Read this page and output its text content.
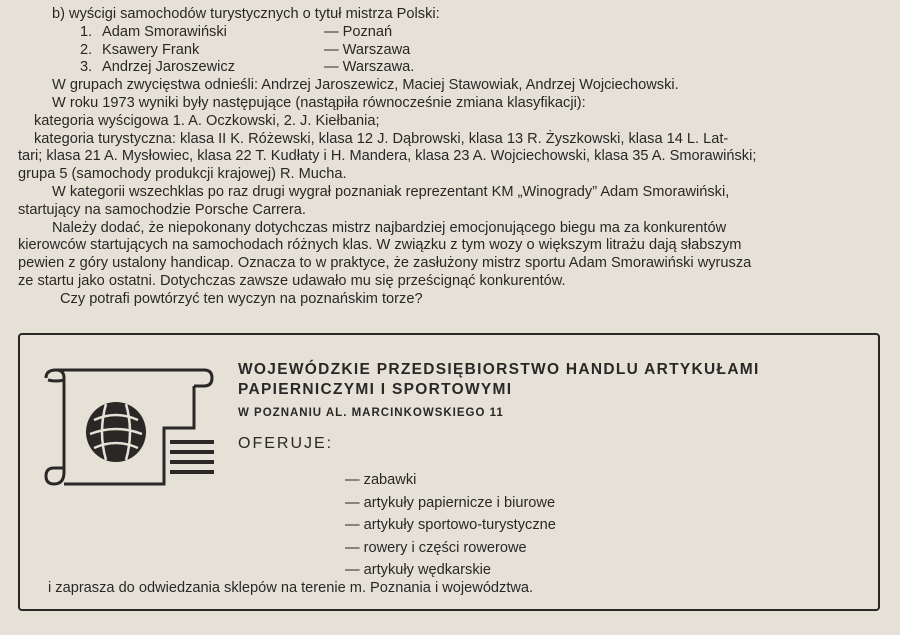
b) wyścigi samochodów turystycznych o tytuł mistrza Polski:
1. Adam Smorawiński	— Poznań
2. Ksawery Frank	— Warszawa
3. Andrzej Jaroszewicz	— Warszawa.
W grupach zwycięstwa odnieśli: Andrzej Jaroszewicz, Maciej Stawowiak, Andrzej Wojciechowski.
W roku 1973 wyniki były następujące (nastąpiła równocześnie zmiana klasyfikacji):
kategoria wyścigowa 1. A. Oczkowski, 2. J. Kiełbania;
kategoria turystyczna: klasa II K. Różewski, klasa 12 J. Dąbrowski, klasa 13 R. Żyszkowski, klasa 14 L. Lat-
tari; klasa 21 A. Mysłowiec, klasa 22 T. Kudłaty i H. Mandera, klasa 23 A. Wojciechowski, klasa 35 A. Smorawiński;
grupa 5 (samochody produkcji krajowej) R. Mucha.
W kategorii wszechklas po raz drugi wygrał poznaniak reprezentant KM „Winogrady” Adam Smorawiński,
startujący na samochodzie Porsche Carrera.
Należy dodać, że niepokonany dotychczas mistrz najbardziej emocjonującego biegu ma za konkurentów
kierowców startujących na samochodach różnych klas. W związku z tym wozy o większym litrażu dają słabszym
pewien z góry ustalony handicap. Oznacza to w praktyce, że zasłużony mistrz sportu Adam Smorawiński wyrusza
ze startu jako ostatni. Dotychczas zawsze udawało mu się prześcignąć konkurentów.
Czy potrafi powtórzyć ten wyczyn na poznańskim torze?
WOJEWÓDZKIE PRZEDSIĘBIORSTWO HANDLU ARTYKUŁAMI
PAPIERNICZYMI I SPORTOWYMI
W POZNANIU AL. MARCINKOWSKIEGO 11
OFERUJE:
— zabawki
— artykuły papiernicze i biurowe
— artykuły sportowo-turystyczne
— rowery i części rowerowe
— artykuły wędkarskie
i zaprasza do odwiedzania sklepów na terenie m. Poznania i województwa.
